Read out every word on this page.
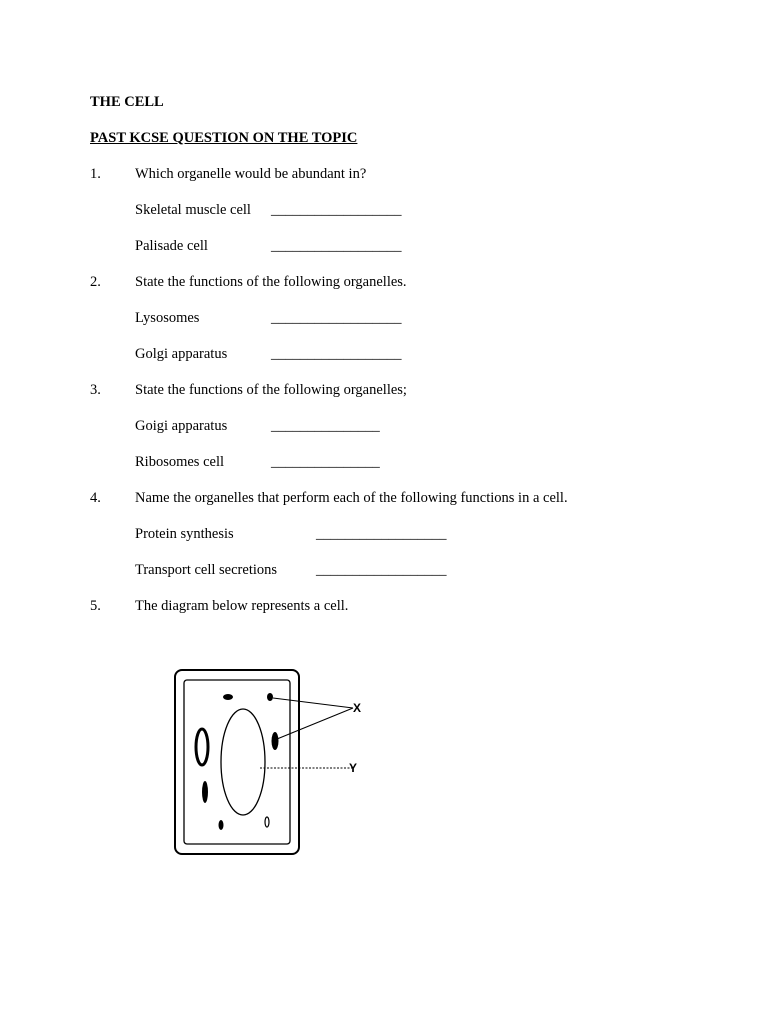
THE CELL
PAST KCSE QUESTION ON THE TOPIC
1. Which organelle would be abundant in?
Skeletal muscle cell __________________
Palisade cell	__________________
2. State the functions of the following organelles.
Lysosomes	__________________
Golgi apparatus	__________________
3. State the functions of the following organelles;
Goigi apparatus	_______________
Ribosomes cell	_______________
4. Name the organelles that perform each of the following functions in a cell.
Protein synthesis	__________________
Transport cell secretions	__________________
5. The diagram below represents a cell.
X
Y
